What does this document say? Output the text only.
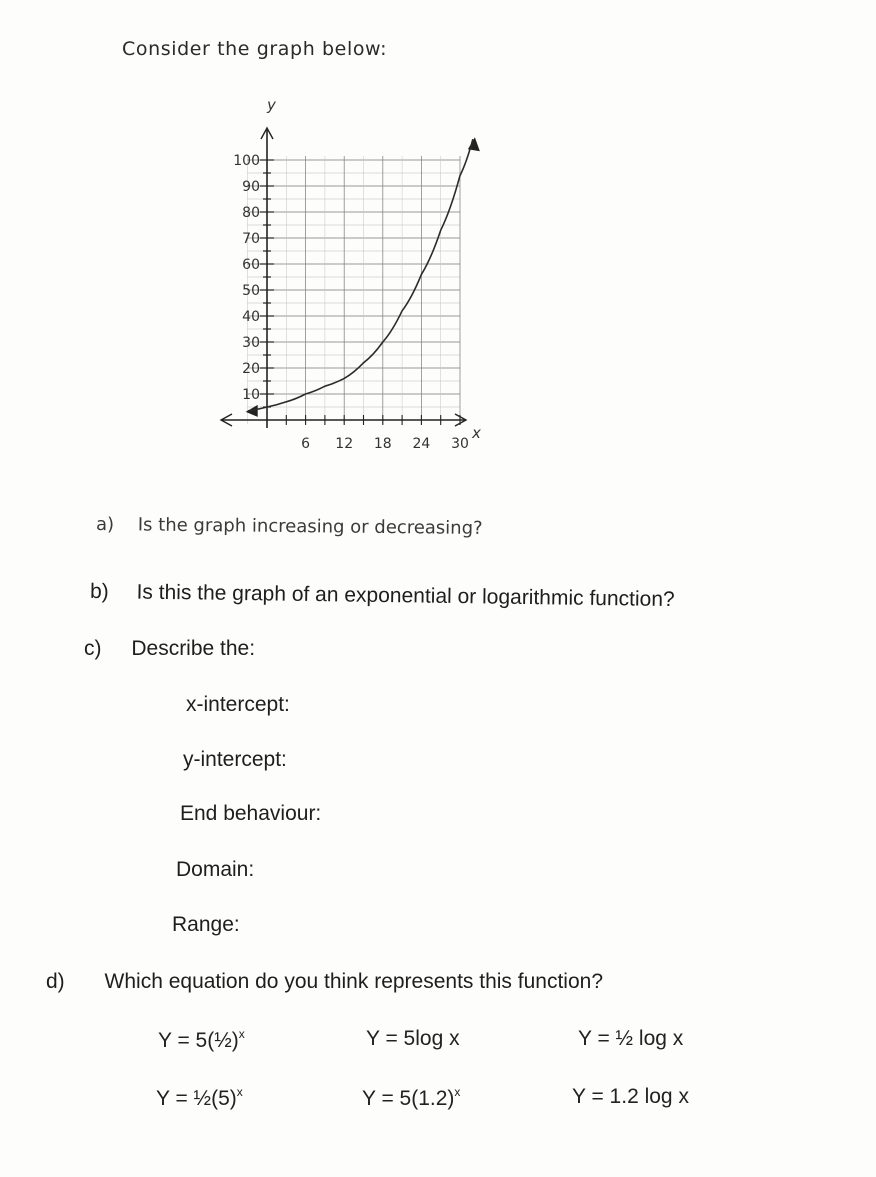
Consider the graph below:
100
90
80
70
60
50
40
30
20
10
6 12 18 24 30
y
x
a) Is the graph increasing or decreasing?
b) Is this the graph of an exponential or logarithmic function?
c) Describe the:
x-intercept:
y-intercept:
End behaviour:
Domain:
Range:
d) Which equation do you think represents this function?
Y = 5(½)$^x$	Y = 5log x	Y = ½ log x
$Y = \frac{1}{2}(5)^x$	$Y = 5(1.2)^x$	Y = 1.2 log x
